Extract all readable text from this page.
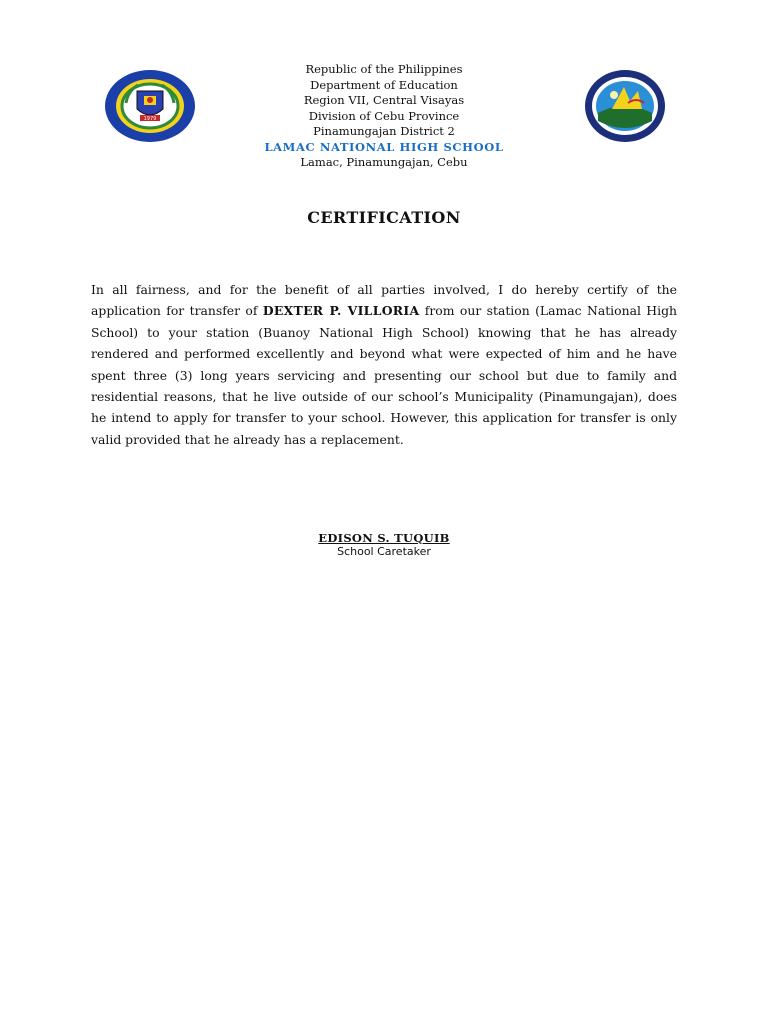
1979
Republic of the Philippines
Department of Education
Region VII, Central Visayas
Division of Cebu Province
Pinamungajan District 2
LAMAC NATIONAL HIGH SCHOOL
Lamac, Pinamungajan, Cebu
CERTIFICATION
In all fairness, and for the benefit of all parties involved, I do hereby certify of the application for transfer of DEXTER P. VILLORIA from our station (Lamac National High School) to your station (Buanoy National High School) knowing that he has already rendered and performed excellently and beyond what were expected of him and he have spent three (3) long years servicing and presenting our school but due to family and residential reasons, that he live outside of our school’s Municipality (Pinamungajan), does he intend to apply for transfer to your school. However, this application for transfer is only valid provided that he already has a replacement.
EDISON S. TUQUIB
School Caretaker
